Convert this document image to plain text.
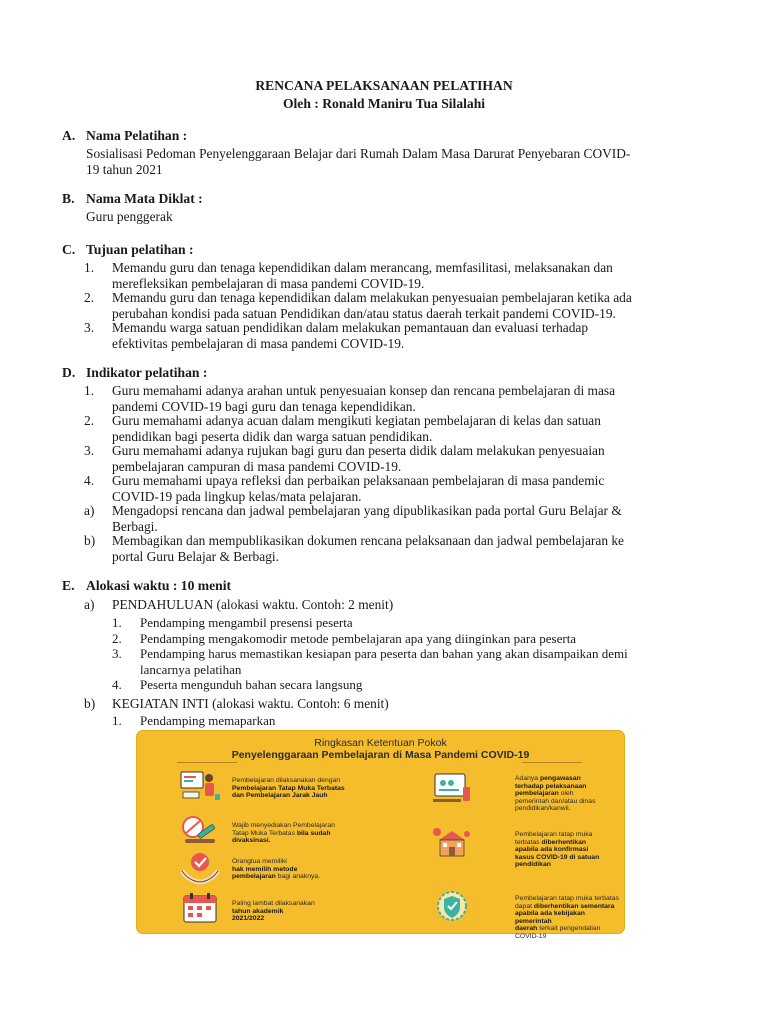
RENCANA PELAKSANAAN PELATIHAN
Oleh : Ronald Maniru Tua Silalahi
A. Nama Pelatihan :
Sosialisasi Pedoman Penyelenggaraan Belajar dari Rumah Dalam Masa Darurat Penyebaran COVID-
19 tahun 2021
B. Nama Mata Diklat :
Guru penggerak
C. Tujuan pelatihan :
1. Memandu guru dan tenaga kependidikan dalam merancang, memfasilitasi, melaksanakan dan
merefleksikan pembelajaran di masa pandemi COVID-19.
2. Memandu guru dan tenaga kependidikan dalam melakukan penyesuaian pembelajaran ketika ada
perubahan kondisi pada satuan Pendidikan dan/atau status daerah terkait pandemi COVID-19.
3. Memandu warga satuan pendidikan dalam melakukan pemantauan dan evaluasi terhadap
efektivitas pembelajaran di masa pandemi COVID-19.
D. Indikator pelatihan :
1. Guru memahami adanya arahan untuk penyesuaian konsep dan rencana pembelajaran di masa
pandemi COVID-19 bagi guru dan tenaga kependidikan.
2. Guru memahami adanya acuan dalam mengikuti kegiatan pembelajaran di kelas dan satuan
pendidikan bagi peserta didik dan warga satuan pendidikan.
3. Guru memahami adanya rujukan bagi guru dan peserta didik dalam melakukan penyesuaian
pembelajaran campuran di masa pandemi COVID-19.
4. Guru memahami upaya refleksi dan perbaikan pelaksanaan pembelajaran di masa pandemic
COVID-19 pada lingkup kelas/mata pelajaran.
a) Mengadopsi rencana dan jadwal pembelajaran yang dipublikasikan pada portal Guru Belajar &
Berbagi.
b) Membagikan dan mempublikasikan dokumen rencana pelaksanaan dan jadwal pembelajaran ke
portal Guru Belajar & Berbagi.
E. Alokasi waktu : 10 menit
a) PENDAHULUAN (alokasi waktu. Contoh: 2 menit)
1. Pendamping mengambil presensi peserta
2. Pendamping mengakomodir metode pembelajaran apa yang diinginkan para peserta
3. Pendamping harus memastikan kesiapan para peserta dan bahan yang akan disampaikan demi
lancarnya pelatihan
4. Peserta mengunduh bahan secara langsung
b) KEGIATAN INTI (alokasi waktu. Contoh: 6 menit)
1. Pendamping memaparkan
Ringkasan Ketentuan Pokok
Penyelenggaraan Pembelajaran di Masa Pandemi COVID-19
Pembelajaran dilaksanakan dengan
Pembelajaran Tatap Muka Terbatas
dan Pembelajaran Jarak Jauh
Wajib menyediakan Pembelajaran
Tatap Muka Terbatas bila sudah
divaksinasi.
Orangtua memiliki
hak memilih metode
pembelajaran bagi anaknya.
Paling lambat dilaksanakan
tahun akademik
2021/2022
Adanya pengawasan
terhadap pelaksanaan
pembelajaran oleh
pemerintah dan/atau dinas
pendidikan/kanwil.
Pembelajaran tatap muka
terbatas diberhentikan
apabila ada konfirmasi
kasus COVID-19 di satuan
pendidikan
Pembelajaran tatap muka terbatas
dapat diberhentikan sementara
apabila ada kebijakan pemerintah
daerah terkait pengendalian COVID-19
